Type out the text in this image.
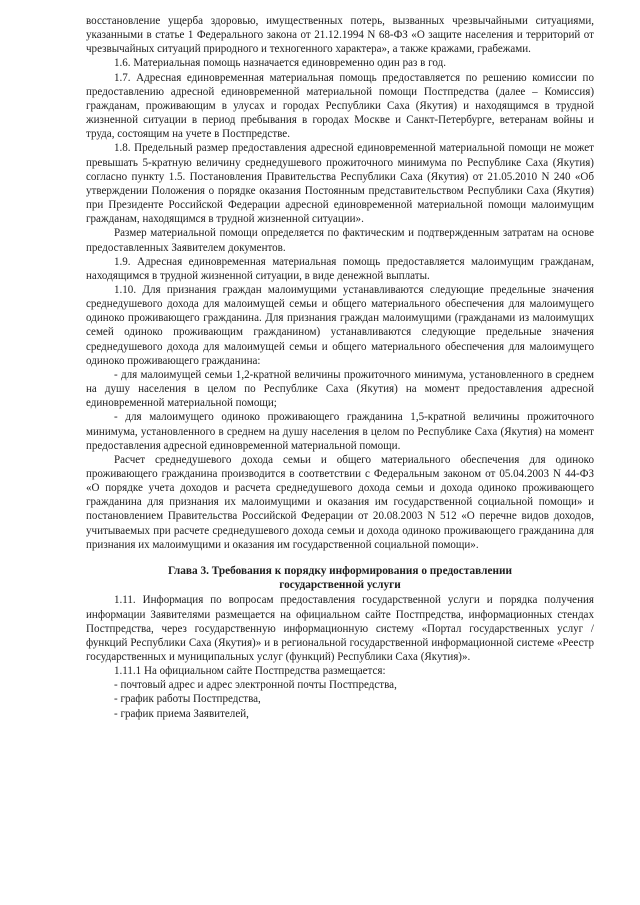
восстановление ущерба здоровью, имущественных потерь, вызванных чрезвычайными ситуациями, указанными в статье 1 Федерального закона от 21.12.1994 N 68-ФЗ «О защите населения и территорий от чрезвычайных ситуаций природного и техногенного характера», а также кражами, грабежами.

1.6. Материальная помощь назначается единовременно один раз в год.

1.7. Адресная единовременная материальная помощь предоставляется по решению комиссии по предоставлению адресной единовременной материальной помощи Постпредства (далее – Комиссия) гражданам, проживающим в улусах и городах Республики Саха (Якутия) и находящимся в трудной жизненной ситуации в период пребывания в городах Москве и Санкт-Петербурге, ветеранам войны и труда, состоящим на учете в Постпредстве.

1.8. Предельный размер предоставления адресной единовременной материальной помощи не может превышать 5-кратную величину среднедушевого прожиточного минимума по Республике Саха (Якутия) согласно пункту 1.5. Постановления Правительства Республики Саха (Якутия) от 21.05.2010 N 240 «Об утверждении Положения о порядке оказания Постоянным представительством Республики Саха (Якутия) при Президенте Российской Федерации адресной единовременной материальной помощи малоимущим гражданам, находящимся в трудной жизненной ситуации».

Размер материальной помощи определяется по фактическим и подтвержденным затратам на основе предоставленных Заявителем документов.

1.9. Адресная единовременная материальная помощь предоставляется малоимущим гражданам, находящимся в трудной жизненной ситуации, в виде денежной выплаты.

1.10. Для признания граждан малоимущими устанавливаются следующие предельные значения среднедушевого дохода для малоимущей семьи и общего материального обеспечения для малоимущего одиноко проживающего гражданина. Для признания граждан малоимущими (гражданами из малоимущих семей одиноко проживающим гражданином) устанавливаются следующие предельные значения среднедушевого дохода для малоимущей семьи и общего материального обеспечения для малоимущего одиноко проживающего гражданина:

- для малоимущей семьи 1,2-кратной величины прожиточного минимума, установленного в среднем на душу населения в целом по Республике Саха (Якутия) на момент предоставления адресной единовременной материальной помощи;

- для малоимущего одиноко проживающего гражданина 1,5-кратной величины прожиточного минимума, установленного в среднем на душу населения в целом по Республике Саха (Якутия) на момент предоставления адресной единовременной материальной помощи.

Расчет среднедушевого дохода семьи и общего материального обеспечения для одиноко проживающего гражданина производится в соответствии с Федеральным законом от 05.04.2003 N 44-ФЗ «О порядке учета доходов и расчета среднедушевого дохода семьи и дохода одиноко проживающего гражданина для признания их малоимущими и оказания им государственной социальной помощи» и постановлением Правительства Российской Федерации от 20.08.2003 N 512 «О перечне видов доходов, учитываемых при расчете среднедушевого дохода семьи и дохода одиноко проживающего гражданина для признания их малоимущими и оказания им государственной социальной помощи».

Глава 3. Требования к порядку информирования о предоставлении
государственной услуги

1.11. Информация по вопросам предоставления государственной услуги и порядка получения информации Заявителями размещается на официальном сайте Постпредства, информационных стендах Постпредства, через государственную информационную систему «Портал государственных услуг / функций Республики Саха (Якутия)» и в региональной государственной информационной системе «Реестр государственных и муниципальных услуг (функций) Республики Саха (Якутия)».

1.11.1 На официальном сайте Постпредства размещается:

- почтовый адрес и адрес электронной почты Постпредства,

- график работы Постпредства,

- график приема Заявителей,
